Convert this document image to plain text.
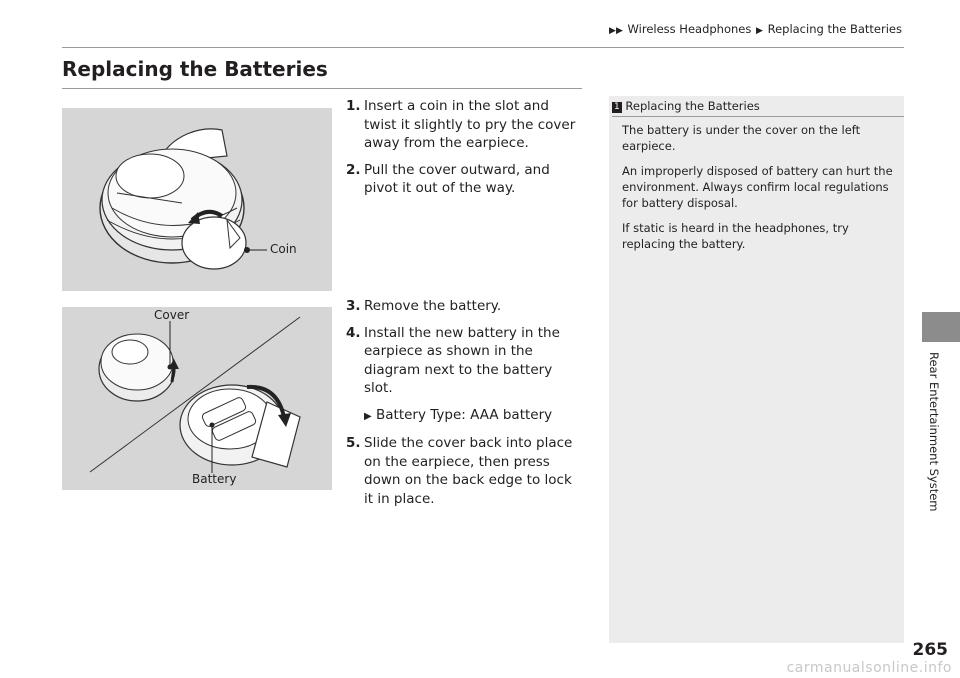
▶▶ Wireless Headphones ▶ Replacing the Batteries
Replacing the Batteries
Coin
Cover
Battery
1. Insert a coin in the slot and twist it slightly to pry the cover away from the earpiece.
2. Pull the cover outward, and pivot it out of the way.
3. Remove the battery.
4. Install the new battery in the earpiece as shown in the diagram next to the battery slot.
▶ Battery Type: AAA battery
5. Slide the cover back into place on the earpiece, then press down on the back edge to lock it in place.
1 Replacing the Batteries

The battery is under the cover on the left earpiece.

An improperly disposed of battery can hurt the environment. Always confirm local regulations for battery disposal.

If static is heard in the headphones, try replacing the battery.

Rear Entertainment System
265
carmanualsonline.info
